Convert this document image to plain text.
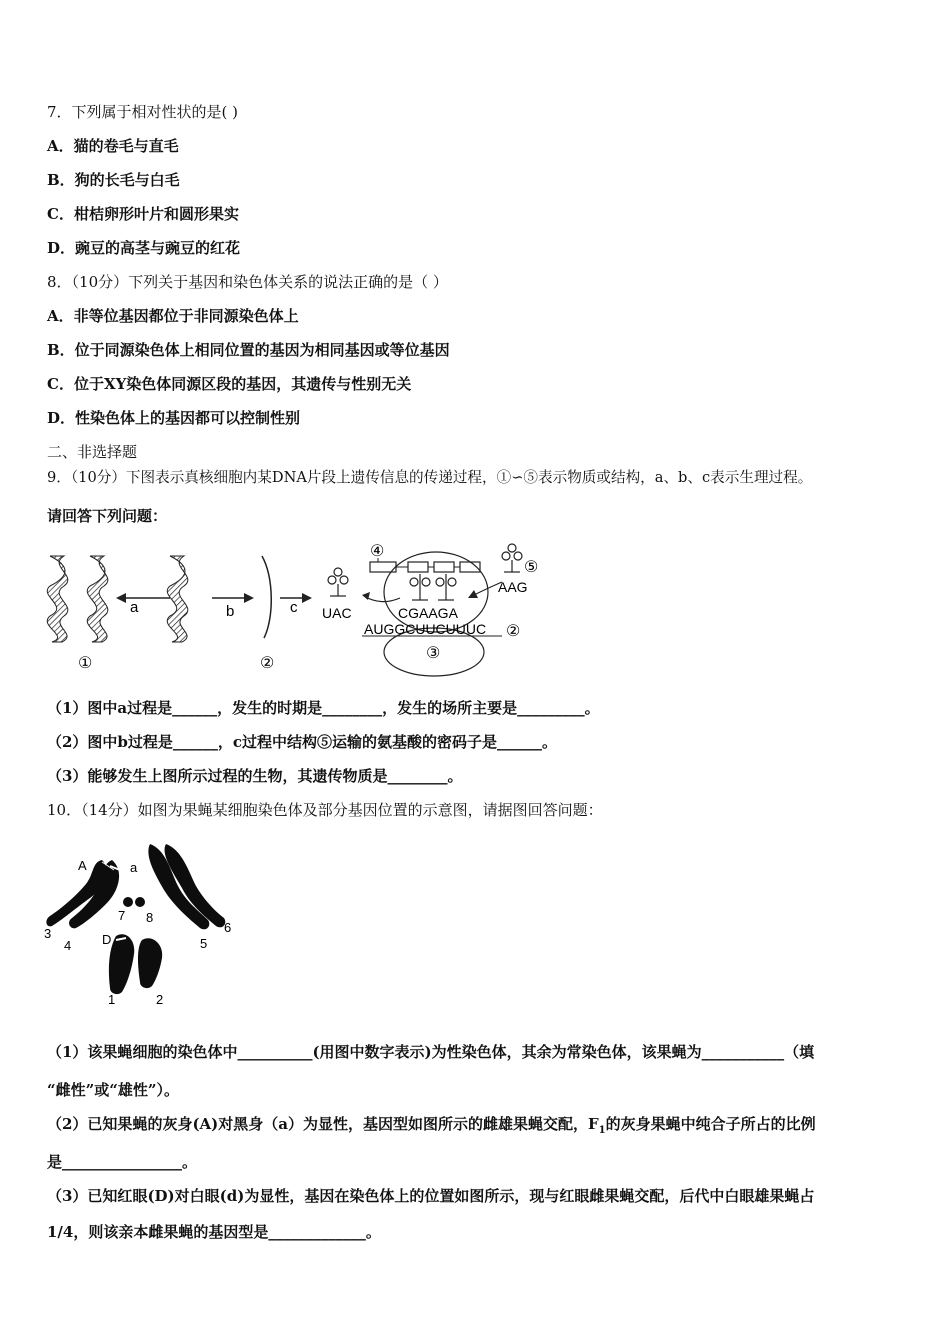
7．下列属于相对性状的是( )
A．猫的卷毛与直毛
B．狗的长毛与白毛
C．柑桔卵形叶片和圆形果实
D．豌豆的高茎与豌豆的红花
8．（10分）下列关于基因和染色体关系的说法正确的是（ ）
A．非等位基因都位于非同源染色体上
B．位于同源染色体上相同位置的基因为相同基因或等位基因
C．位于XY染色体同源区段的基因，其遗传与性别无关
D．性染色体上的基因都可以控制性别
二、非选择题
9．（10分）下图表示真核细胞内某DNA片段上遗传信息的传递过程，①∽⑤表示物质或结构，a、b、c表示生理过程。
请回答下列问题：
a	b	c UAC
④
⑤
AAG
CGAAGA
AUGGCUUCUUUC ②
③
①	②
（1）图中a过程是______，发生的时期是________，发生的场所主要是_________。
（2）图中b过程是______，c过程中结构⑤运输的氨基酸的密码子是______。
（3）能够发生上图所示过程的生物，其遗传物质是________。
10．（14分）如图为果蝇某细胞染色体及部分基因位置的示意图，请据图回答问题：
A	a
D
3
4
7 8
5
6
1	2
（1）该果蝇细胞的染色体中__________(用图中数字表示)为性染色体，其余为常染色体，该果蝇为___________（填
“雌性”或“雄性”）。
（2）已知果蝇的灰身(A)对黑身（a）为显性，基因型如图所示的雌雄果蝇交配，$F_1$的灰身果蝇中纯合子所占的比例
是________________。
（3）已知红眼(D)对白眼(d)为显性，基因在染色体上的位置如图所示，现与红眼雌果蝇交配，后代中白眼雄果蝇占
1/4，则该亲本雌果蝇的基因型是_____________。
